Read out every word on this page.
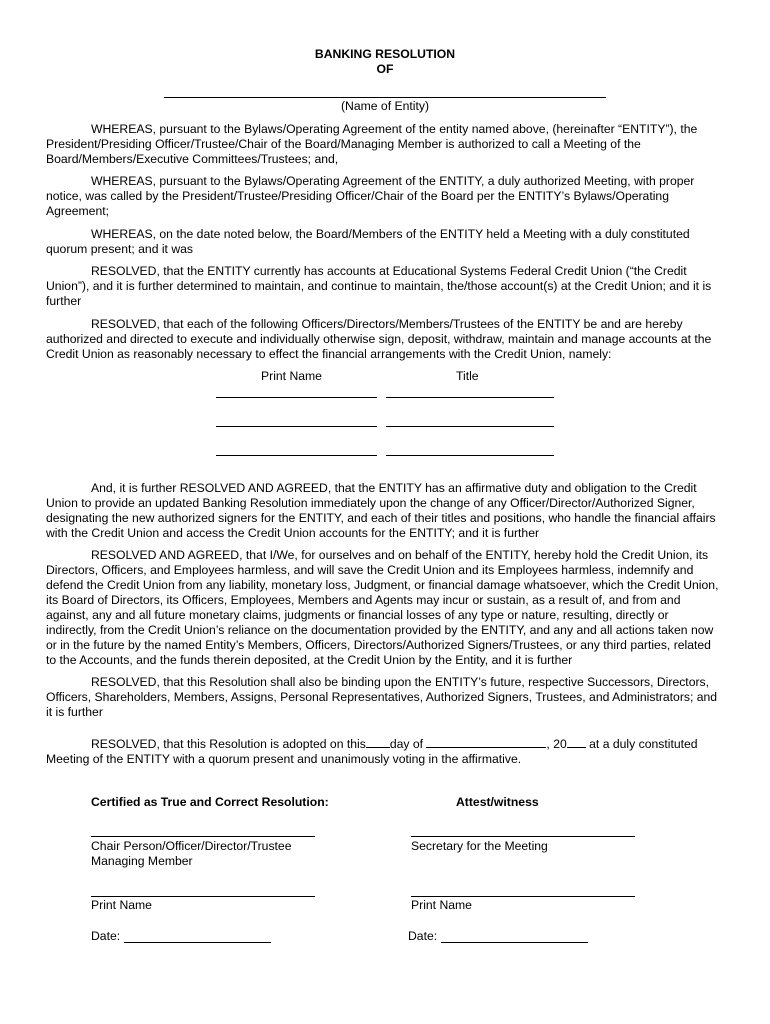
BANKING RESOLUTION
OF
(Name of Entity)

WHEREAS, pursuant to the Bylaws/Operating Agreement of the entity named above, (hereinafter “ENTITY”), the President/Presiding Officer/Trustee/Chair of the Board/Managing Member is authorized to call a Meeting of the Board/Members/Executive Committees/Trustees; and,

WHEREAS, pursuant to the Bylaws/Operating Agreement of the ENTITY, a duly authorized Meeting, with proper notice, was called by the President/Trustee/Presiding Officer/Chair of the Board per the ENTITY’s Bylaws/Operating Agreement;

WHEREAS, on the date noted below, the Board/Members of the ENTITY held a Meeting with a duly constituted quorum present; and it was

RESOLVED, that the ENTITY currently has accounts at Educational Systems Federal Credit Union (“the Credit Union”), and it is further determined to maintain, and continue to maintain, the/those account(s) at the Credit Union; and it is further

RESOLVED, that each of the following Officers/Directors/Members/Trustees of the ENTITY be and are hereby authorized and directed to execute and individually otherwise sign, deposit, withdraw, maintain and manage accounts at the Credit Union as reasonably necessary to effect the financial arrangements with the Credit Union, namely:

Print Name	Title

And, it is further RESOLVED AND AGREED, that the ENTITY has an affirmative duty and obligation to the Credit Union to provide an updated Banking Resolution immediately upon the change of any Officer/Director/Authorized Signer, designating the new authorized signers for the ENTITY, and each of their titles and positions, who handle the financial affairs with the Credit Union and access the Credit Union accounts for the ENTITY; and it is further

RESOLVED AND AGREED, that I/We, for ourselves and on behalf of the ENTITY, hereby hold the Credit Union, its Directors, Officers, and Employees harmless, and will save the Credit Union and its Employees harmless, indemnify and defend the Credit Union from any liability, monetary loss, Judgment, or financial damage whatsoever, which the Credit Union, its Board of Directors, its Officers, Employees, Members and Agents may incur or sustain, as a result of, and from and against, any and all future monetary claims, judgments or financial losses of any type or nature, resulting, directly or indirectly, from the Credit Union’s reliance on the documentation provided by the ENTITY, and any and all actions taken now or in the future by the named Entity’s Members, Officers, Directors/Authorized Signers/Trustees, or any third parties, related to the Accounts, and the funds therein deposited, at the Credit Union by the Entity, and it is further

RESOLVED, that this Resolution shall also be binding upon the ENTITY’s future, respective Successors, Directors, Officers, Shareholders, Members, Assigns, Personal Representatives, Authorized Signers, Trustees, and Administrators; and it is further

RESOLVED, that this Resolution is adopted on this day of	, 20 at a duly constituted Meeting of the ENTITY with a quorum present and unanimously voting in the affirmative.

Certified as True and Correct Resolution:	Attest/witness
Chair Person/Officer/Director/Trustee
Managing Member
Secretary for the Meeting
Print Name	Print Name
Date:	Date:
